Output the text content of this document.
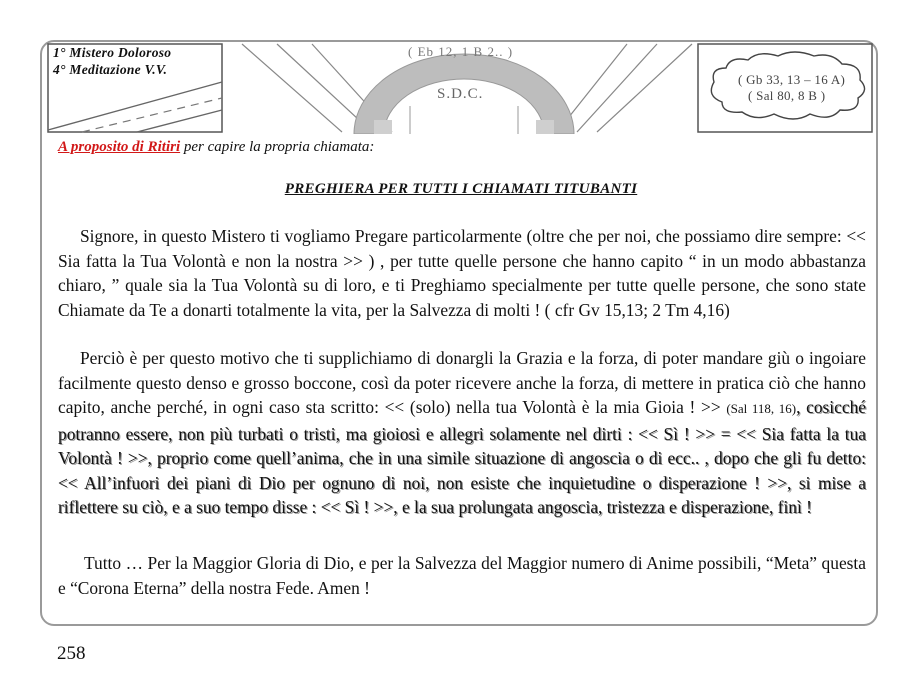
1° Mistero Doloroso
4° Meditazione V.V.
( Eb 12, 1 B 2.. )
S.D.C.
( Gb 33, 13 – 16 A)
( Sal 80, 8 B )
A proposito di Ritiri per capire la propria chiamata:
PREGHIERA PER TUTTI I CHIAMATI TITUBANTI

Signore, in questo Mistero ti vogliamo Pregare particolarmente (oltre che per noi, che possiamo dire sempre: << Sia fatta la Tua Volontà e non la nostra >> ) , per tutte quelle persone che hanno capito “ in un modo abbastanza chiaro, ” quale sia la Tua Volontà su di loro, e ti Preghiamo specialmente per tutte quelle persone, che sono state Chiamate da Te a donarti totalmente la vita, per la Salvezza di molti ! ( cfr Gv 15,13; 2 Tm 4,16)

Perciò è per questo motivo che ti supplichiamo di donargli la Grazia e la forza, di poter mandare giù o ingoiare facilmente questo denso e grosso boccone, così da poter ricevere anche la forza, di mettere in pratica ciò che hanno capito, anche perché, in ogni caso sta scritto: << (solo) nella tua Volontà è la mia Gioia ! >> (Sal 118, 16), cosicché potranno essere, non più turbati o tristi, ma gioiosi e allegri solamente nel dirti : << Sì ! >> = << Sia fatta la tua Volontà ! >>, proprio come quell’anima, che in una simile situazione di angoscia o di ecc.. , dopo che gli fu detto: << All’infuori dei piani di Dio per ognuno di noi, non esiste che inquietudine o disperazione ! >>, si mise a riflettere su ciò, e a suo tempo disse : << Sì ! >>, e la sua prolungata angoscia, tristezza e disperazione, finì !

Tutto … Per la Maggior Gloria di Dio, e per la Salvezza del Maggior numero di Anime possibili, “Meta” questa e “Corona Eterna” della nostra Fede. Amen !

258
